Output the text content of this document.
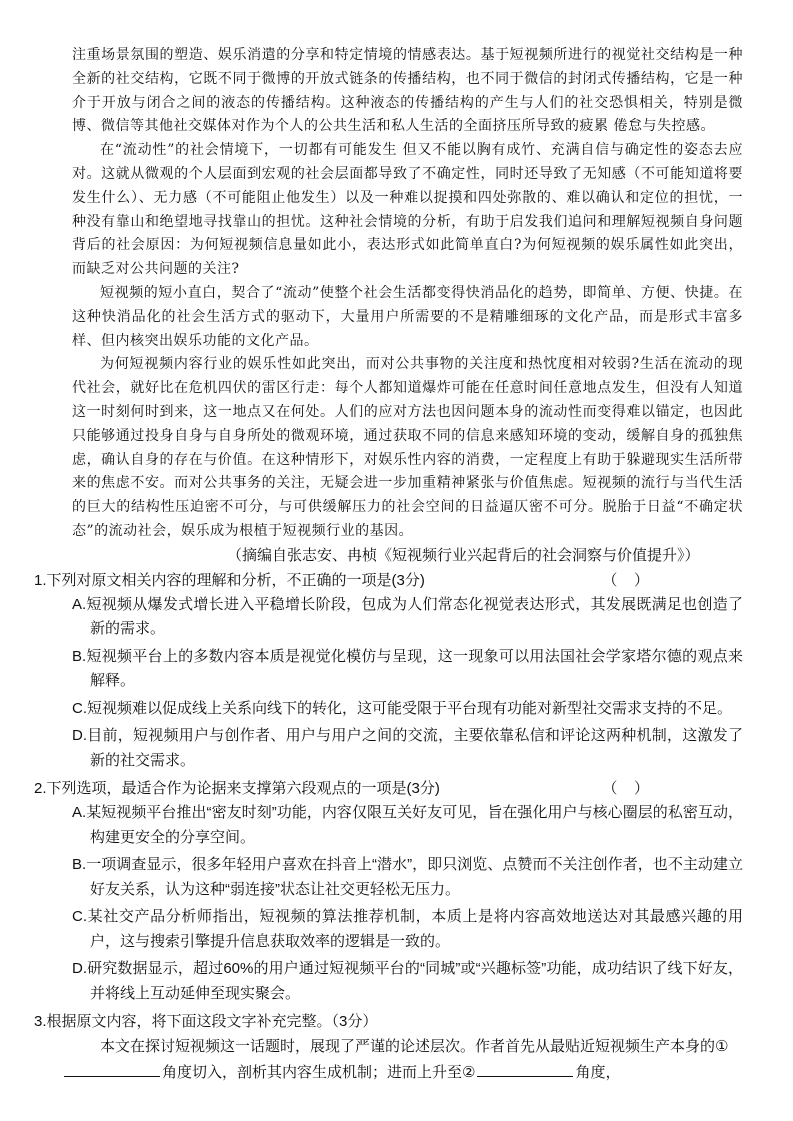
注重场景氛围的塑造、娱乐消遣的分享和特定情境的情感表达。基于短视频所进行的视觉社交结构是一种全新的社交结构，它既不同于微博的开放式链条的传播结构，也不同于微信的封闭式传播结构，它是一种介于开放与闭合之间的液态的传播结构。这种液态的传播结构的产生与人们的社交恐惧相关，特别是微博、微信等其他社交媒体对作为个人的公共生活和私人生活的全面挤压所导致的疲累 倦怠与失控感。

在“流动性”的社会情境下，一切都有可能发生 但又不能以胸有成竹、充满自信与确定性的姿态去应对。这就从微观的个人层面到宏观的社会层面都导致了不确定性，同时还导致了无知感（不可能知道将要发生什么）、无力感（不可能阻止他发生）以及一种难以捉摸和四处弥散的、难以确认和定位的担忧，一种没有靠山和绝望地寻找靠山的担忧。这种社会情境的分析，有助于启发我们追问和理解短视频自身问题背后的社会原因：为何短视频信息量如此小，表达形式如此简单直白?为何短视频的娱乐属性如此突出，而缺乏对公共问题的关注?

短视频的短小直白，契合了“流动”使整个社会生活都变得快消品化的趋势，即简单、方便、快捷。在这种快消品化的社会生活方式的驱动下，大量用户所需要的不是精雕细琢的文化产品，而是形式丰富多样、但内核突出娱乐功能的文化产品。

为何短视频内容行业的娱乐性如此突出，而对公共事物的关注度和热忱度相对较弱?生活在流动的现代社会，就好比在危机四伏的雷区行走：每个人都知道爆炸可能在任意时间任意地点发生，但没有人知道这一时刻何时到来，这一地点又在何处。人们的应对方法也因问题本身的流动性而变得难以锚定，也因此只能够通过投身自身与自身所处的微观环境，通过获取不同的信息来感知环境的变动，缓解自身的孤独焦虑，确认自身的存在与价值。在这种情形下，对娱乐性内容的消费，一定程度上有助于躲避现实生活所带来的焦虑不安。而对公共事务的关注，无疑会进一步加重精神紧张与价值焦虑。短视频的流行与当代生活的巨大的结构性压迫密不可分，与可供缓解压力的社会空间的日益逼仄密不可分。脱胎于日益“不确定状态”的流动社会，娱乐成为根植于短视频行业的基因。

（摘编自张志安、冉桢《短视频行业兴起背后的社会洞察与价值提升》）

1.下列对原文相关内容的理解和分析，不正确的一项是(3分)	（    ）

A.短视频从爆发式增长进入平稳增长阶段，包成为人们常态化视觉表达形式，其发展既满足也创造了新的需求。

B.短视频平台上的多数内容本质是视觉化模仿与呈现，这一现象可以用法国社会学家塔尔德的观点来解释。

C.短视频难以促成线上关系向线下的转化，这可能受限于平台现有功能对新型社交需求支持的不足。

D.目前，短视频用户与创作者、用户与用户之间的交流，主要依靠私信和评论这两种机制，这激发了新的社交需求。

2.下列选项，最适合作为论据来支撑第六段观点的一项是(3分)	（    ）

A.某短视频平台推出“密友时刻”功能，内容仅限互关好友可见，旨在强化用户与核心圈层的私密互动，构建更安全的分享空间。

B.一项调查显示，很多年轻用户喜欢在抖音上“潜水”，即只浏览、点赞而不关注创作者，也不主动建立好友关系，认为这种“弱连接”状态让社交更轻松无压力。

C.某社交产品分析师指出，短视频的算法推荐机制，本质上是将内容高效地送达对其最感兴趣的用户，这与搜索引擎提升信息获取效率的逻辑是一致的。

D.研究数据显示，超过60%的用户通过短视频平台的“同城”或“兴趣标签”功能，成功结识了线下好友，并将线上互动延伸至现实聚会。

3.根据原文内容，将下面这段文字补充完整。（3分）

本文在探讨短视频这一话题时，展现了严谨的论述层次。作者首先从最贴近短视频生产本身的①角度切入，剖析其内容生成机制；进而上升至②	角度，
